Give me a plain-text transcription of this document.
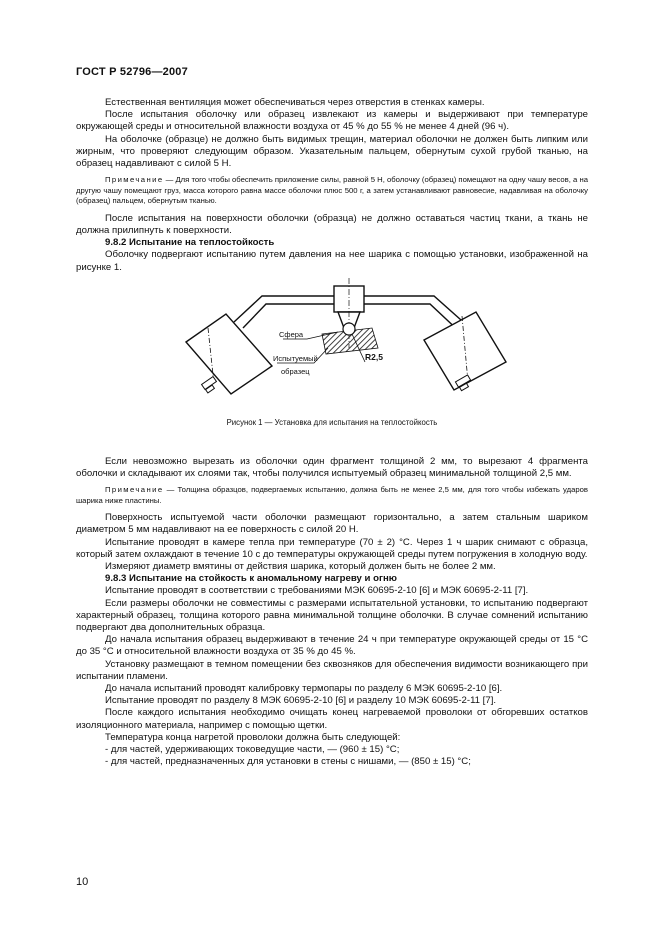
ГОСТ Р 52796—2007

Естественная вентиляция может обеспечиваться через отверстия в стенках камеры.

После испытания оболочку или образец извлекают из камеры и выдерживают при температуре окружающей среды и относительной влажности воздуха от 45 % до 55 % не менее 4 дней (96 ч).

На оболочке (образце) не должно быть видимых трещин, материал оболочки не должен быть липким или жирным, что проверяют следующим образом. Указательным пальцем, обернутым сухой грубой тканью, на образец надавливают с силой 5 Н.

Примечание — Для того чтобы обеспечить приложение силы, равной 5 Н, оболочку (образец) помещают на одну чашу весов, а на другую чашу помещают груз, масса которого равна массе оболочки плюс 500 г, а затем устанавливают равновесие, надавливая на оболочку (образец) пальцем, обернутым тканью.

После испытания на поверхности оболочки (образца) не должно оставаться частиц ткани, а ткань не должна прилипнуть к поверхности.

9.8.2 Испытание на теплостойкость

Оболочку подвергают испытанию путем давления на нее шарика с помощью установки, изображенной на рисунке 1.

Сфера
Испытуемый
образец
R2,5
Рисунок 1 — Установка для испытания на теплостойкость

Если невозможно вырезать из оболочки один фрагмент толщиной 2 мм, то вырезают 4 фрагмента оболочки и складывают их слоями так, чтобы получился испытуемый образец минимальной толщиной 2,5 мм.

Примечание — Толщина образцов, подвергаемых испытанию, должна быть не менее 2,5 мм, для того чтобы избежать ударов шарика ниже пластины.

Поверхность испытуемой части оболочки размещают горизонтально, а затем стальным шариком диаметром 5 мм надавливают на ее поверхность с силой 20 Н.

Испытание проводят в камере тепла при температуре (70 ± 2) °С. Через 1 ч шарик снимают с образца, который затем охлаждают в течение 10 с до температуры окружающей среды путем погружения в холодную воду.

Измеряют диаметр вмятины от действия шарика, который должен быть не более 2 мм.

9.8.3 Испытание на стойкость к аномальному нагреву и огню

Испытание проводят в соответствии с требованиями МЭК 60695-2-10 [6] и МЭК 60695-2-11 [7].

Если размеры оболочки не совместимы с размерами испытательной установки, то испытанию подвергают характерный образец, толщина которого равна минимальной толщине оболочки. В случае сомнений испытанию подвергают два дополнительных образца.

До начала испытания образец выдерживают в течение 24 ч при температуре окружающей среды от 15 °С до 35 °С и относительной влажности воздуха от 35 % до 45 %.

Установку размещают в темном помещении без сквозняков для обеспечения видимости возникающего при испытании пламени.

До начала испытаний проводят калибровку термопары по разделу 6 МЭК 60695-2-10 [6].

Испытание проводят по разделу 8 МЭК 60695-2-10 [6] и разделу 10 МЭК 60695-2-11 [7].

После каждого испытания необходимо очищать конец нагреваемой проволоки от обгоревших остатков изоляционного материала, например с помощью щетки.

Температура конца нагретой проволоки должна быть следующей:

- для частей, удерживающих токоведущие части, — (960 ± 15) °С;

- для частей, предназначенных для установки в стены с нишами, — (850 ± 15) °С;

10
